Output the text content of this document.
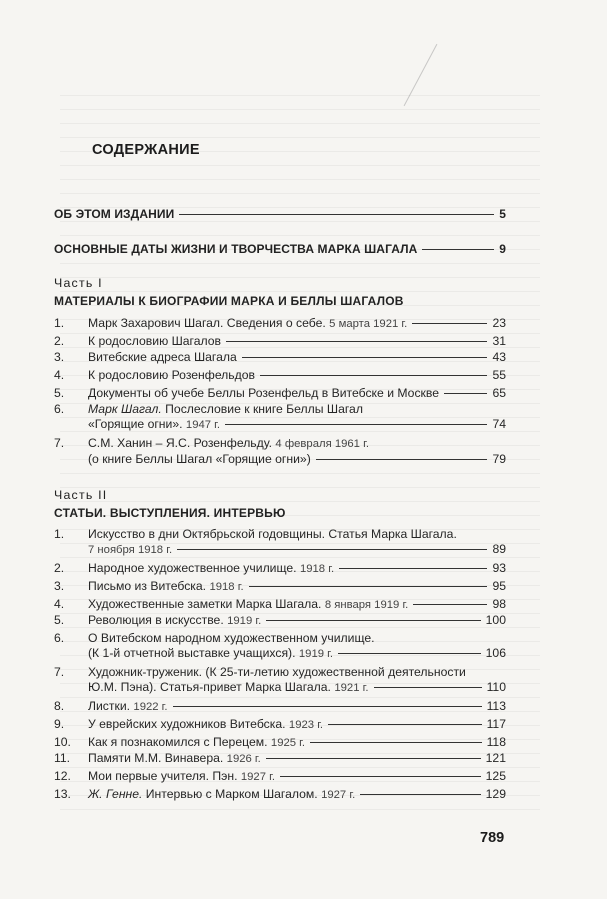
СОДЕРЖАНИЕ
ОБ ЭТОМ ИЗДАНИИ	5
ОСНОВНЫЕ ДАТЫ ЖИЗНИ И ТВОРЧЕСТВА МАРКА ШАГАЛА	9
Часть I
МАТЕРИАЛЫ К БИОГРАФИИ МАРКА И БЕЛЛЫ ШАГАЛОВ
1. Марк Захарович Шагал. Сведения о себе. 5 марта 1921 г.	23
2. К родословию Шагалов	31
3. Витебские адреса Шагала	43
4. К родословию Розенфельдов	55
5. Документы об учебе Беллы Розенфельд в Витебске и Москве	65
6. Марк Шагал. Послесловие к книге Беллы Шагал
«Горящие огни». 1947 г.	74
7. С.М. Ханин – Я.С. Розенфельду. 4 февраля 1961 г.
(о книге Беллы Шагал «Горящие огни»)	79
Часть II
СТАТЬИ. ВЫСТУПЛЕНИЯ. ИНТЕРВЬЮ
1. Искусство в дни Октябрьской годовщины. Статья Марка Шагала.
7 ноября 1918 г.	89
2. Народное художественное училище. 1918 г.	93
3. Письмо из Витебска. 1918 г.	95
4. Художественные заметки Марка Шагала. 8 января 1919 г.	98
5. Революция в искусстве. 1919 г.	100
6. О Витебском народном художественном училище.
(К 1-й отчетной выставке учащихся). 1919 г.	106
7. Художник-труженик. (К 25-ти-летию художественной деятельности
Ю.М. Пэна). Статья-привет Марка Шагала. 1921 г.	110
8. Листки. 1922 г.	113
9. У еврейских художников Витебска. 1923 г.	117
10. Как я познакомился с Перецем. 1925 г.	118
11. Памяти М.М. Винавера. 1926 г.	121
12. Мои первые учителя. Пэн. 1927 г.	125
13. Ж. Генне. Интервью с Марком Шагалом. 1927 г.	129
789
